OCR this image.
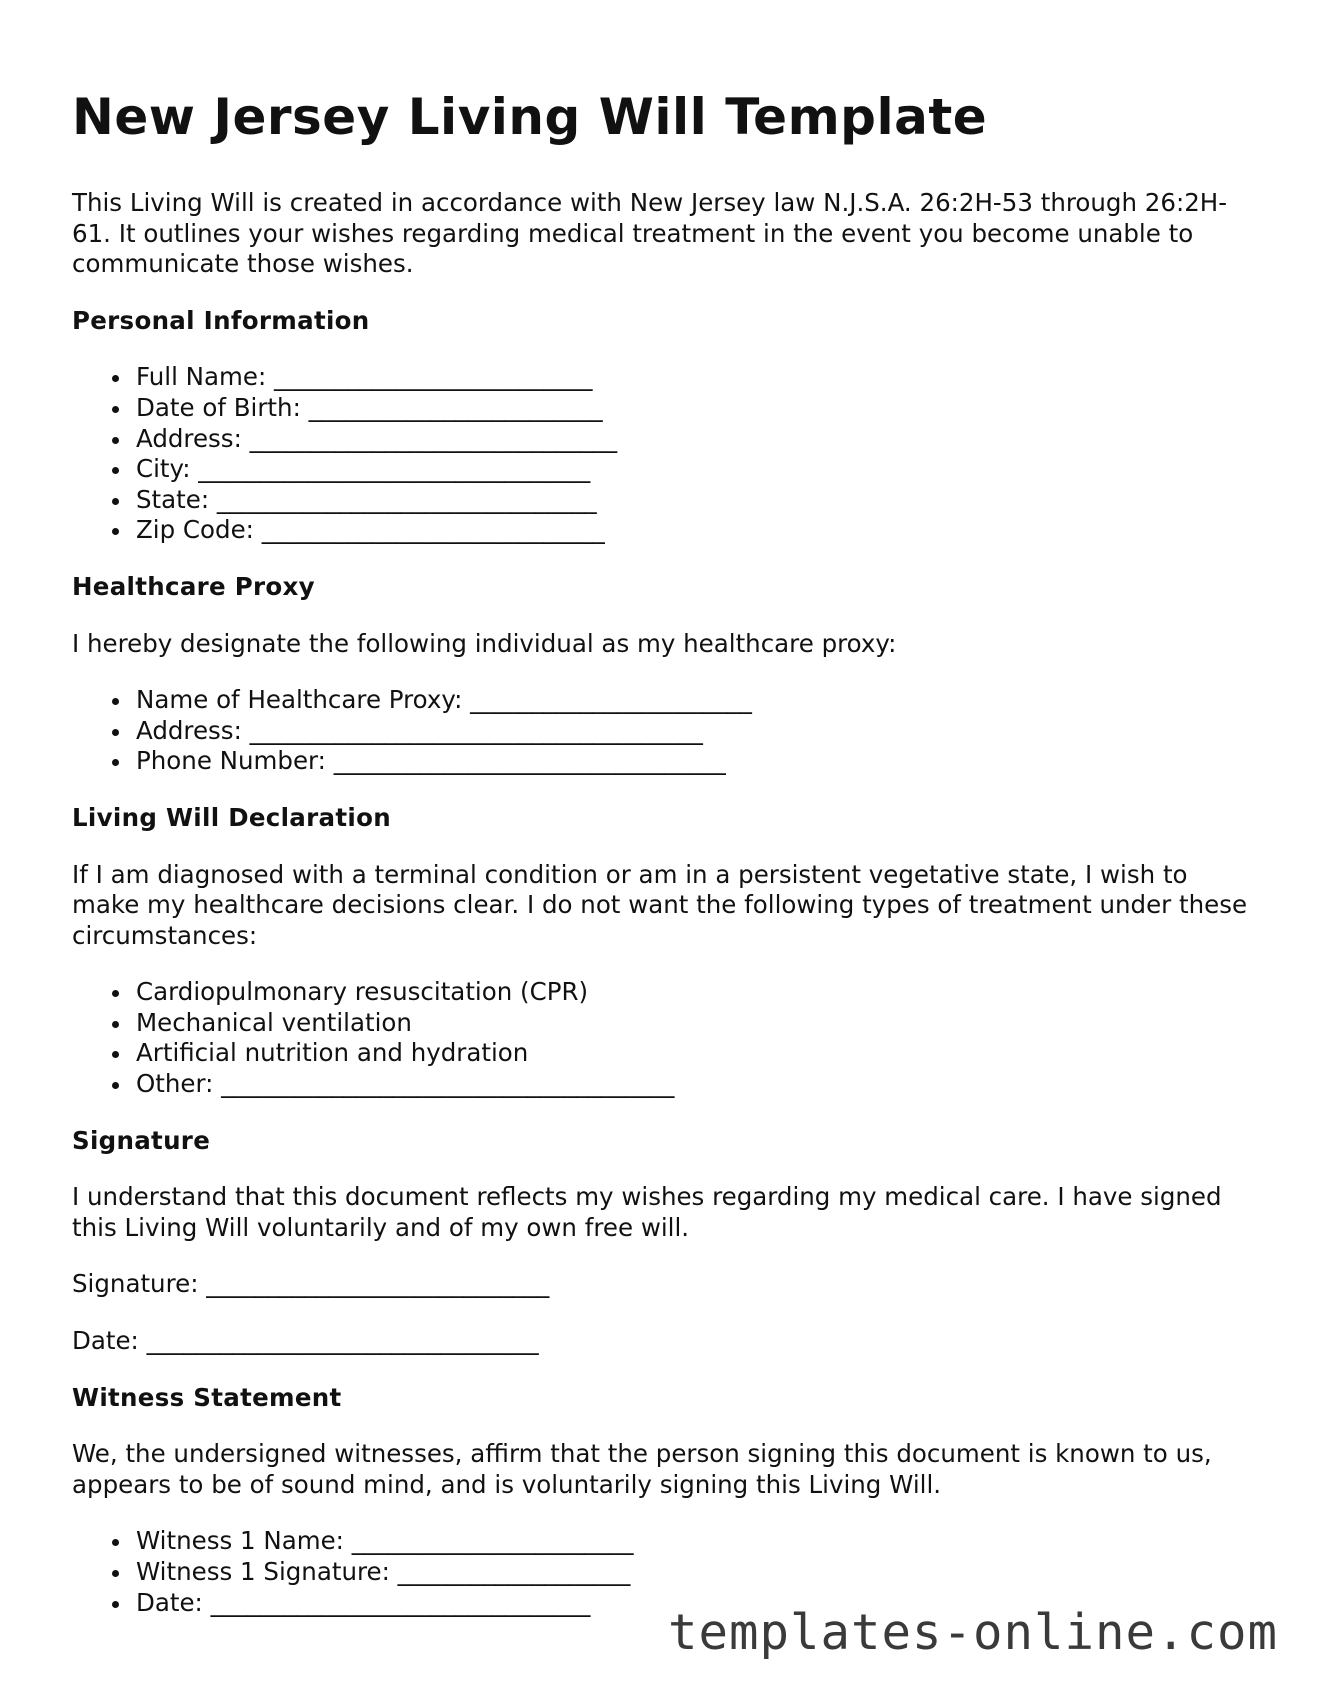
New Jersey Living Will Template

This Living Will is created in accordance with New Jersey law N.J.S.A. 26:2H-53 through 26:2H-61. It outlines your wishes regarding medical treatment in the event you become unable to communicate those wishes.

Personal Information
Full Name: __________________________
Date of Birth: ________________________
Address: ______________________________
City: ________________________________
State: _______________________________
Zip Code: ____________________________
Healthcare Proxy

I hereby designate the following individual as my healthcare proxy:

Name of Healthcare Proxy: _______________________
Address: _____________________________________
Phone Number: ________________________________
Living Will Declaration

If I am diagnosed with a terminal condition or am in a persistent vegetative state, I wish to make my healthcare decisions clear. I do not want the following types of treatment under these circumstances:

Cardiopulmonary resuscitation (CPR)
Mechanical ventilation
Artificial nutrition and hydration
Other: _____________________________________
Signature

I understand that this document reflects my wishes regarding my medical care. I have signed this Living Will voluntarily and of my own free will.

Signature: ____________________________

Date: ________________________________

Witness Statement

We, the undersigned witnesses, affirm that the person signing this document is known to us, appears to be of sound mind, and is voluntarily signing this Living Will.

Witness 1 Name: _______________________
Witness 1 Signature: ___________________
Date: _______________________________
templates-online.com
